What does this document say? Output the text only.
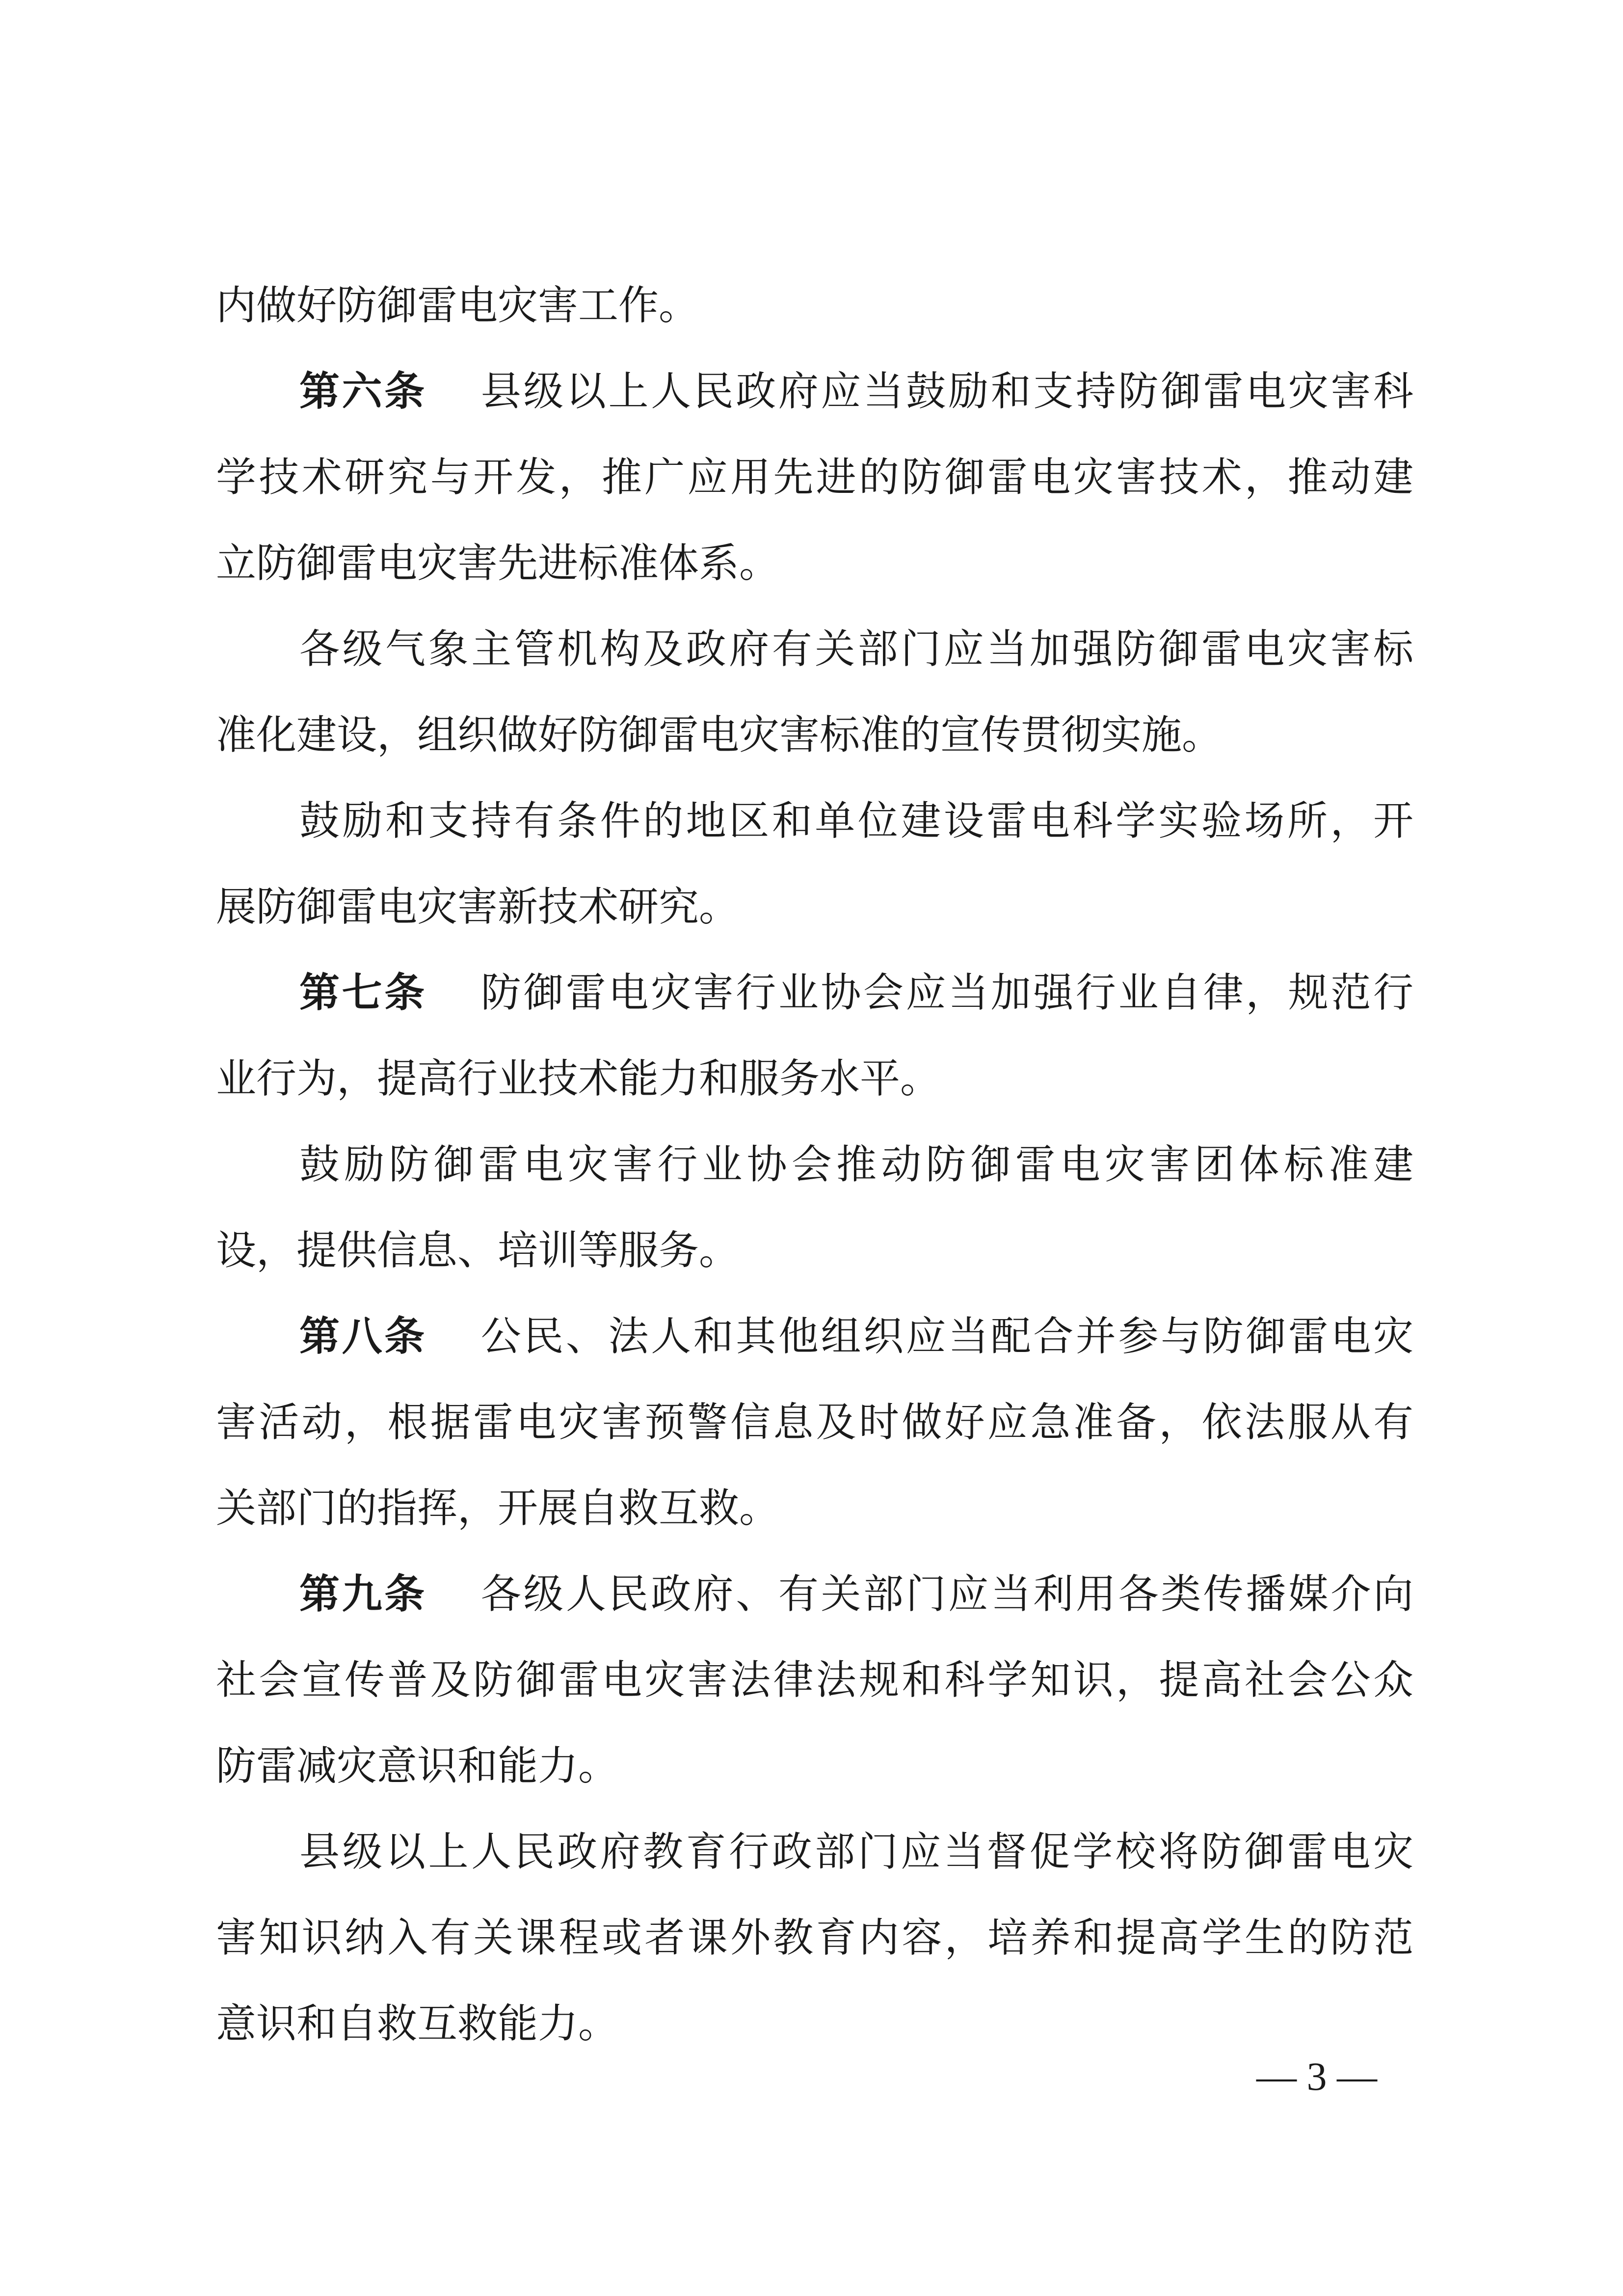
内做好防御雷电灾害工作。
第六条 县级以上人民政府应当鼓励和支持防御雷电灾害科
学技术研究与开发，推广应用先进的防御雷电灾害技术，推动建
立防御雷电灾害先进标准体系。
各级气象主管机构及政府有关部门应当加强防御雷电灾害标
准化建设，组织做好防御雷电灾害标准的宣传贯彻实施。
鼓励和支持有条件的地区和单位建设雷电科学实验场所，开
展防御雷电灾害新技术研究。
第七条 防御雷电灾害行业协会应当加强行业自律，规范行
业行为，提高行业技术能力和服务水平。
鼓励防御雷电灾害行业协会推动防御雷电灾害团体标准建
设，提供信息、培训等服务。
第八条 公民、法人和其他组织应当配合并参与防御雷电灾
害活动，根据雷电灾害预警信息及时做好应急准备，依法服从有
关部门的指挥，开展自救互救。
第九条 各级人民政府、有关部门应当利用各类传播媒介向
社会宣传普及防御雷电灾害法律法规和科学知识，提高社会公众
防雷减灾意识和能力。
县级以上人民政府教育行政部门应当督促学校将防御雷电灾
害知识纳入有关课程或者课外教育内容，培养和提高学生的防范
意识和自救互救能力。
— 3 —
